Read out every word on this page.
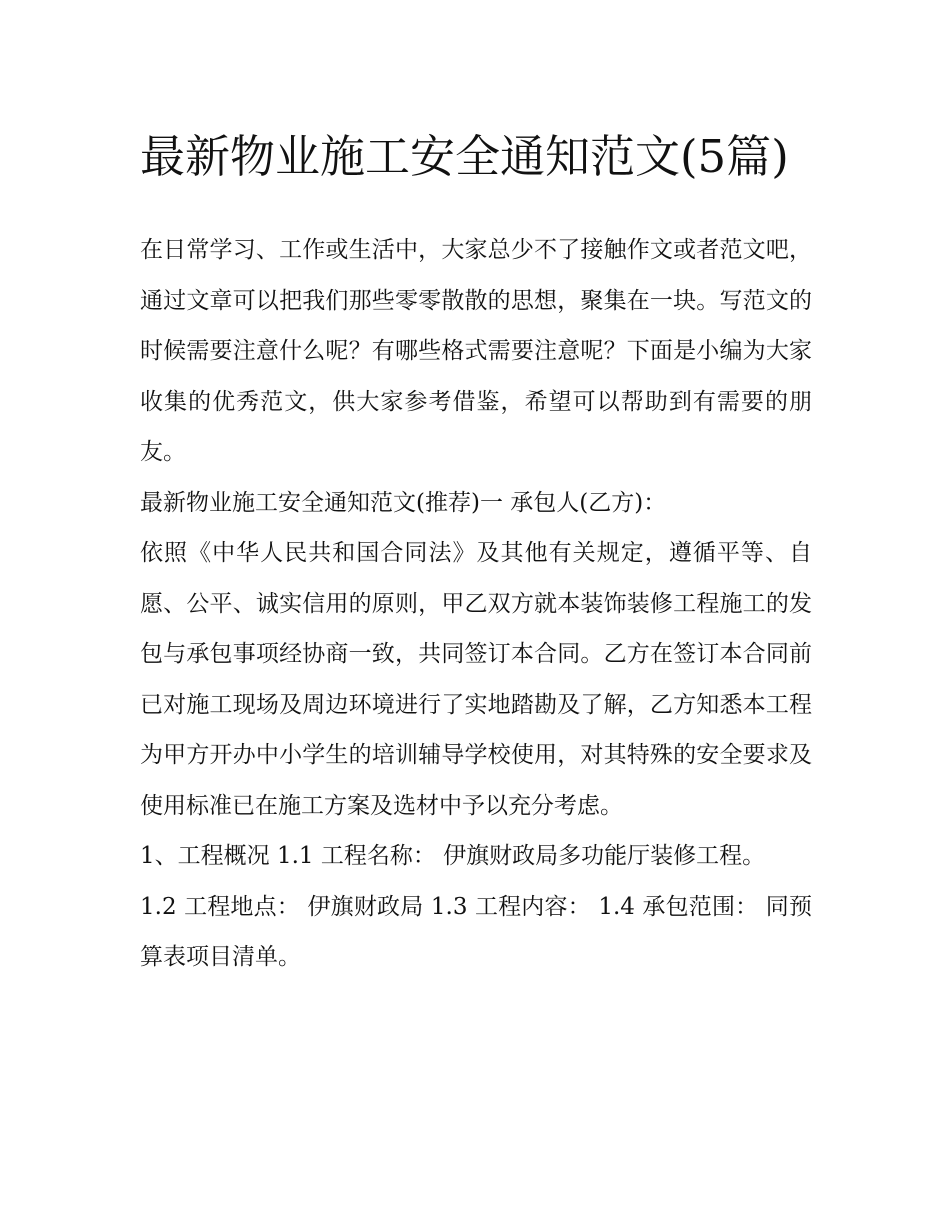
最新物业施工安全通知范文(5篇)

在日常学习、工作或生活中，大家总少不了接触作文或者范文吧，通过文章可以把我们那些零零散散的思想，聚集在一块。写范文的时候需要注意什么呢？有哪些格式需要注意呢？下面是小编为大家收集的优秀范文，供大家参考借鉴，希望可以帮助到有需要的朋友。

最新物业施工安全通知范文(推荐)一 承包人(乙方)：

依照《中华人民共和国合同法》及其他有关规定，遵循平等、自愿、公平、诚实信用的原则，甲乙双方就本装饰装修工程施工的发包与承包事项经协商一致，共同签订本合同。乙方在签订本合同前已对施工现场及周边环境进行了实地踏勘及了解，乙方知悉本工程为甲方开办中小学生的培训辅导学校使用，对其特殊的安全要求及使用标准已在施工方案及选材中予以充分考虑。

1、工程概况 1.1 工程名称： 伊旗财政局多功能厅装修工程。

1.2 工程地点： 伊旗财政局 1.3 工程内容： 1.4 承包范围： 同预算表项目清单。
